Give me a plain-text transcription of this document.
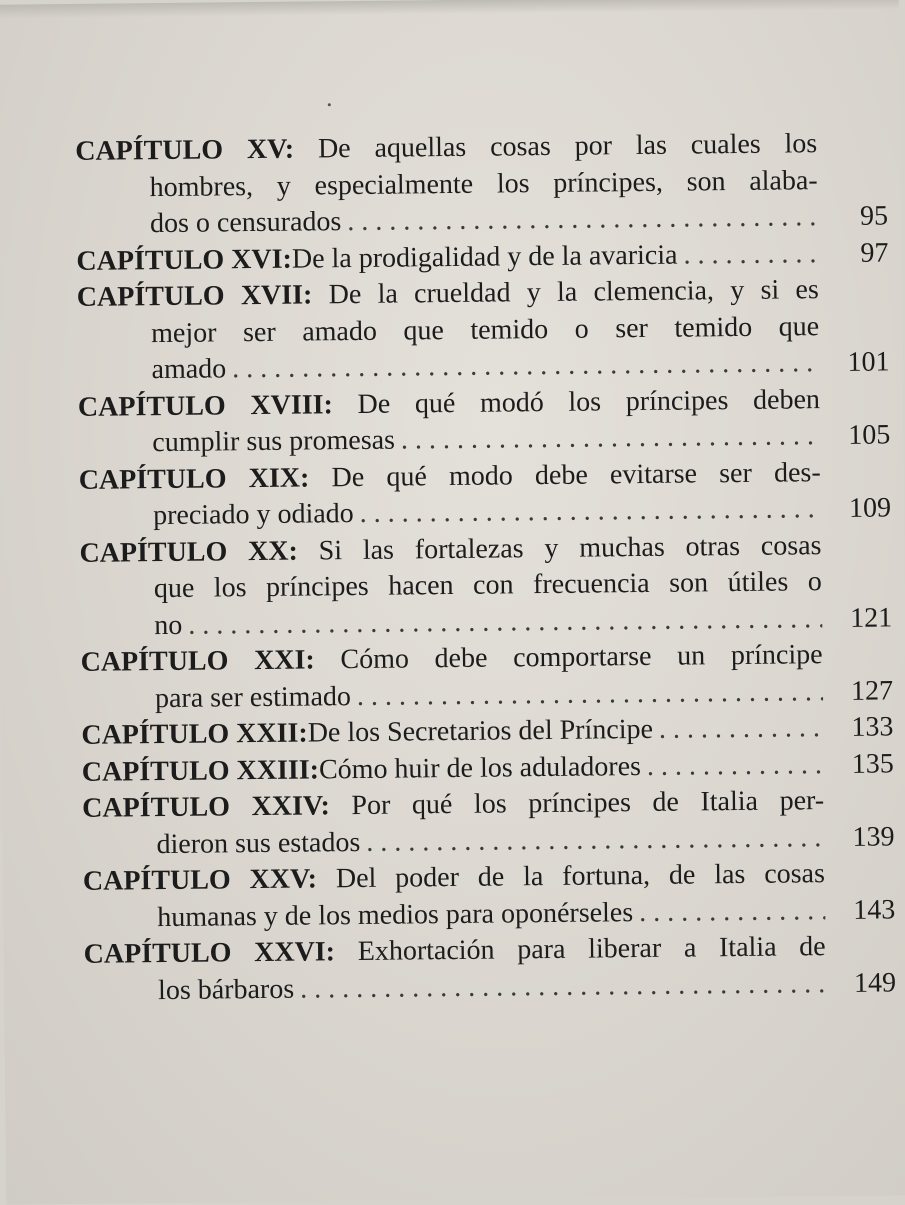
CAPÍTULO XV: De aquellas cosas por las cuales los
hombres, y especialmente los príncipes, son alaba-
dos o censurados . . .	95
CAPÍTULO XVI: De la prodigalidad y de la avaricia . . .	97
CAPÍTULO XVII: De la crueldad y la clemencia, y si es
mejor ser amado que temido o ser temido que
amado . . .	101
CAPÍTULO XVIII: De qué modó los príncipes deben
cumplir sus promesas . . .	105
CAPÍTULO XIX: De qué modo debe evitarse ser des-
preciado y odiado . . .	109
CAPÍTULO XX: Si las fortalezas y muchas otras cosas
que los príncipes hacen con frecuencia son útiles o
no . . .	121
CAPÍTULO XXI: Cómo debe comportarse un príncipe
para ser estimado . . .	127
CAPÍTULO XXII: De los Secretarios del Príncipe . . .	133
CAPÍTULO XXIII: Cómo huir de los aduladores . . .	135
CAPÍTULO XXIV: Por qué los príncipes de Italia per-
dieron sus estados . . .	139
CAPÍTULO XXV: Del poder de la fortuna, de las cosas
humanas y de los medios para oponérseles . . .	143
CAPÍTULO XXVI: Exhortación para liberar a Italia de
los bárbaros . . .	149
